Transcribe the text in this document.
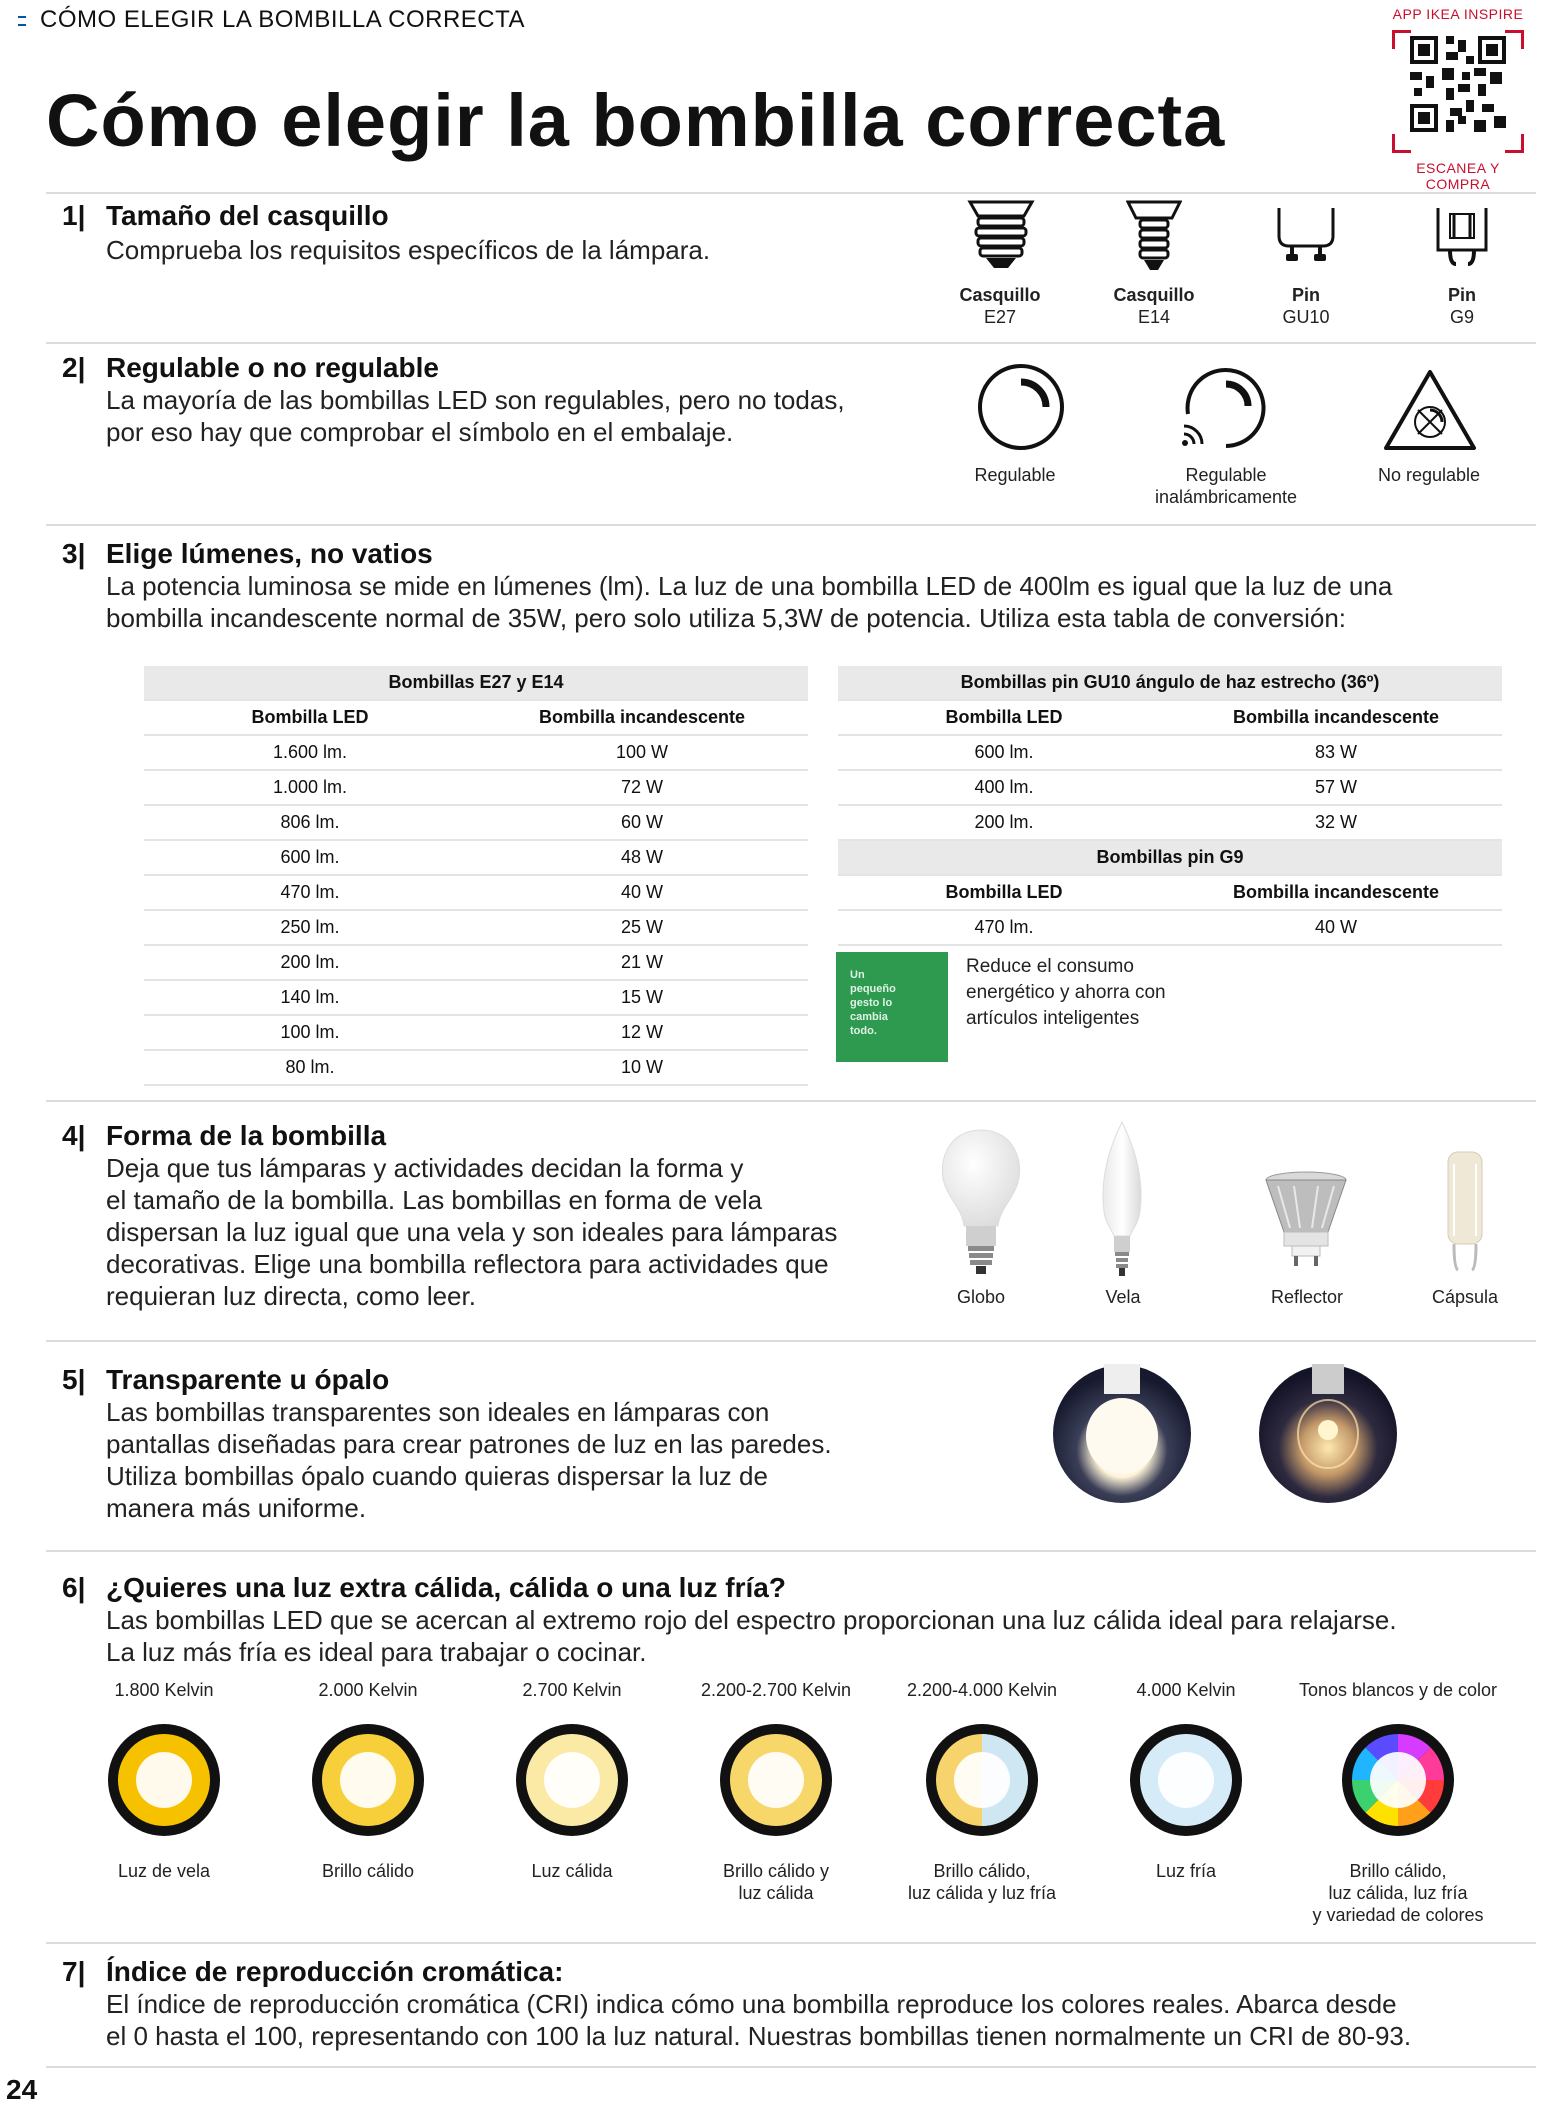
CÓMO ELEGIR LA BOMBILLA CORRECTA
Cómo elegir la bombilla correcta
APP IKEA INSPIRE
ESCANEA Y COMPRA
1| Tamaño del casquillo
Comprueba los requisitos específicos de la lámpara.
Casquillo
E27
Casquillo
E14
Pin
GU10
Pin
G9
2| Regulable o no regulable
La mayoría de las bombillas LED son regulables, pero no todas,
por eso hay que comprobar el símbolo en el embalaje.
Regulable	Regulable
inalámbricamente
No regulable
3| Elige lúmenes, no vatios
La potencia luminosa se mide en lúmenes (lm). La luz de una bombilla LED de 400lm es igual que la luz de una
bombilla incandescente normal de 35W, pero solo utiliza 5,3W de potencia. Utiliza esta tabla de conversión:
Bombillas E27 y E14	
Bombilla LED	Bombilla incandescente
1.600 lm.	100 W
1.000 lm.	72 W
806 lm.	60 W
600 lm.	48 W
470 lm.	40 W
250 lm.	25 W
200 lm.	21 W
140 lm.	15 W
100 lm.	12 W
80 lm.	10 W
Bombillas pin GU10 ángulo de haz estrecho (36º)	
Bombilla LED	Bombilla incandescente
600 lm.	83 W
400 lm.	57 W
200 lm.	32 W
Bombillas pin G9	
Bombilla LED	Bombilla incandescente
470 lm.	40 W
Un
pequeño
gesto lo
cambia
todo.
Reduce el consumo
energético y ahorra con
artículos inteligentes
4| Forma de la bombilla
Deja que tus lámparas y actividades decidan la forma y
el tamaño de la bombilla. Las bombillas en forma de vela
dispersan la luz igual que una vela y son ideales para lámparas
decorativas. Elige una bombilla reflectora para actividades que
requieran luz directa, como leer.	Globo	Vela	Reflector	Cápsula
5| Transparente u ópalo
Las bombillas transparentes son ideales en lámparas con
pantallas diseñadas para crear patrones de luz en las paredes.
Utiliza bombillas ópalo cuando quieras dispersar la luz de
manera más uniforme.
6| ¿Quieres una luz extra cálida, cálida o una luz fría?
Las bombillas LED que se acercan al extremo rojo del espectro proporcionan una luz cálida ideal para relajarse.
La luz más fría es ideal para trabajar o cocinar.
1.800 Kelvin
Luz de vela
2.000 Kelvin
Brillo cálido
2.700 Kelvin
Luz cálida
2.200-2.700 Kelvin
Brillo cálido y
luz cálida
2.200-4.000 Kelvin
Brillo cálido,
luz cálida y luz fría
4.000 Kelvin
Luz fría
Tonos blancos y de color
Brillo cálido,
luz cálida, luz fría
y variedad de colores
7| Índice de reproducción cromática:
El índice de reproducción cromática (CRI) indica cómo una bombilla reproduce los colores reales. Abarca desde
el 0 hasta el 100, representando con 100 la luz natural. Nuestras bombillas tienen normalmente un CRI de 80-93.
24
